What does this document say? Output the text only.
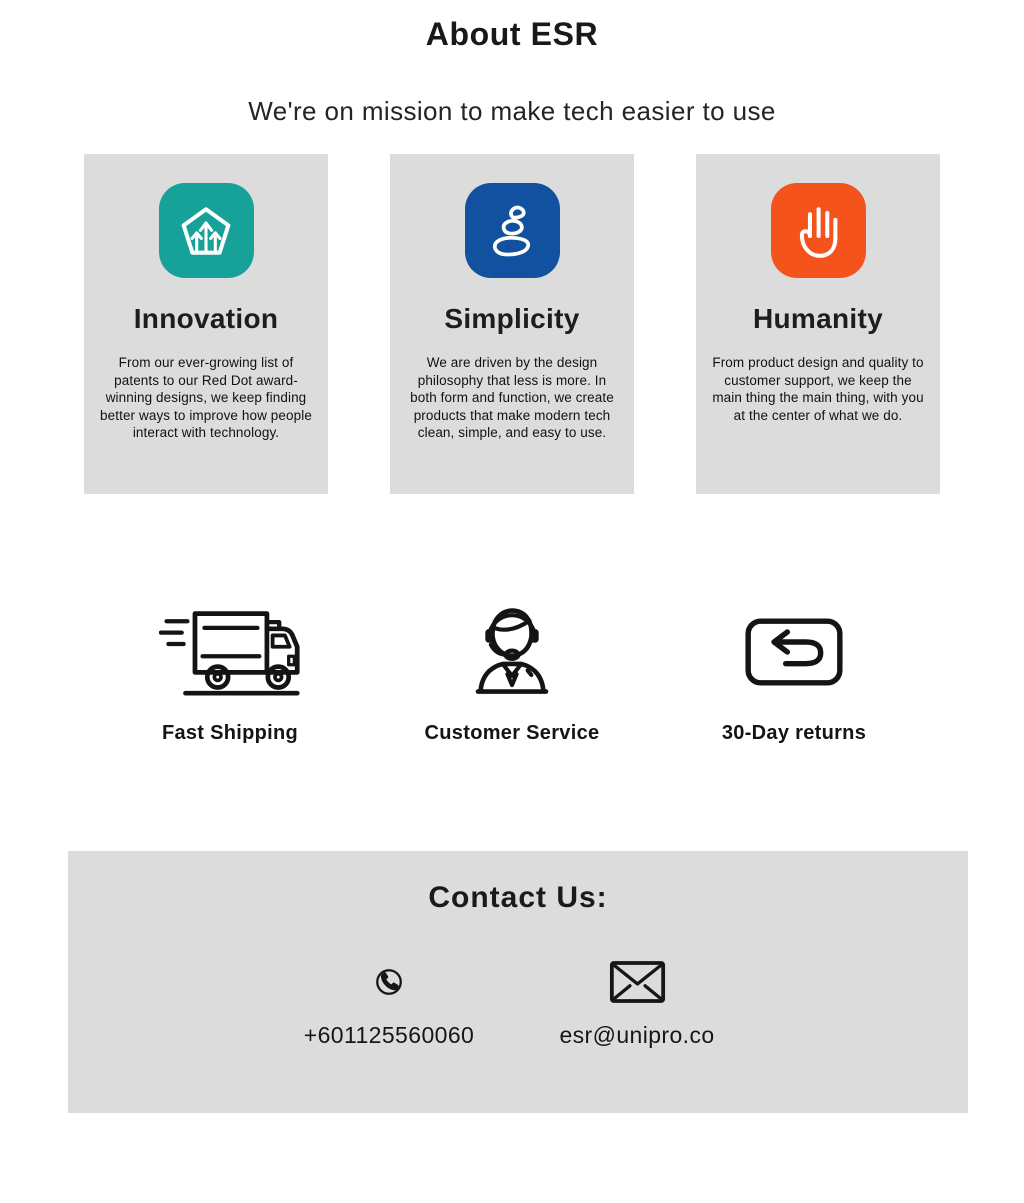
About ESR
We're on mission to make tech easier to use
Innovation
From our ever-growing list of patents to our Red Dot award-winning designs, we keep finding better ways to improve how people interact with technology.
Simplicity
We are driven by the design philosophy that less is more. In both form and function, we create products that make modern tech clean, simple, and easy to use.
Humanity
From product design and quality to customer support, we keep the main thing the main thing, with you at the center of what we do.
Fast Shipping	Customer Service	30-Day returns
Contact Us:
+601125560060	esr@unipro.co
